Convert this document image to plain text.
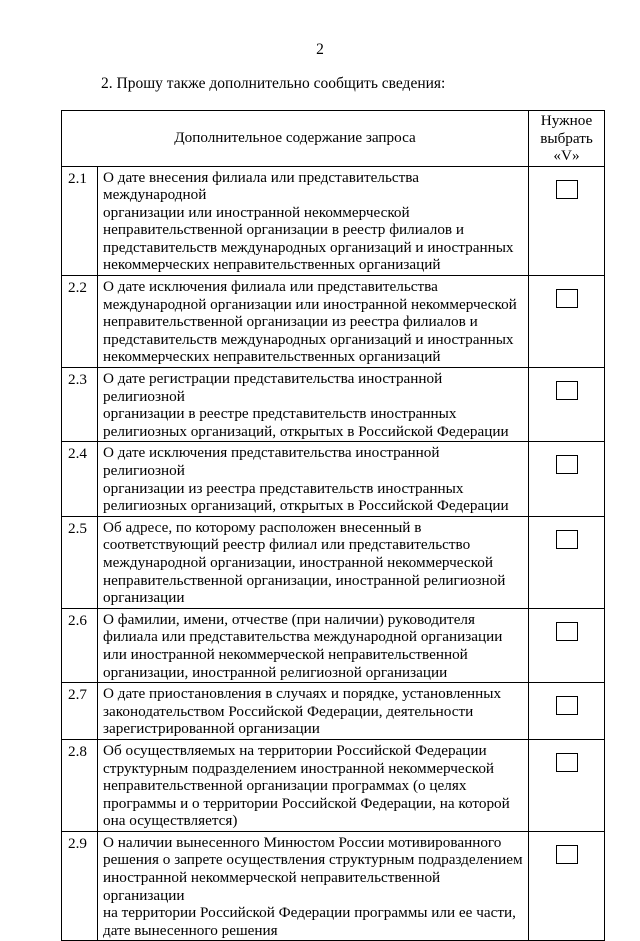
2
2. Прошу также дополнительно сообщить сведения:
Дополнительное содержание запроса		Нужное
выбрать
«V»

2.1	О дате внесения филиала или представительства международной
организации или иностранной некоммерческой
неправительственной организации в реестр филиалов и
представительств международных организаций и иностранных
некоммерческих неправительственных организаций	

2.2	О дате исключения филиала или представительства
международной организации или иностранной некоммерческой
неправительственной организации из реестра филиалов и
представительств международных организаций и иностранных
некоммерческих неправительственных организаций	

2.3	О дате регистрации представительства иностранной религиозной
организации в реестре представительств иностранных
религиозных организаций, открытых в Российской Федерации	

2.4	О дате исключения представительства иностранной религиозной
организации из реестра представительств иностранных
религиозных организаций, открытых в Российской Федерации	

2.5	Об адресе, по которому расположен внесенный в
соответствующий реестр филиал или представительство
международной организации, иностранной некоммерческой
неправительственной организации, иностранной религиозной
организации	

2.6	О фамилии, имени, отчестве (при наличии) руководителя
филиала или представительства международной организации
или иностранной некоммерческой неправительственной
организации, иностранной религиозной организации	

2.7	О дате приостановления в случаях и порядке, установленных
законодательством Российской Федерации, деятельности
зарегистрированной организации	

2.8	Об осуществляемых на территории Российской Федерации
структурным подразделением иностранной некоммерческой
неправительственной организации программах (о целях
программы и о территории Российской Федерации, на которой
она осуществляется)	

2.9	О наличии вынесенного Минюстом России мотивированного
решения о запрете осуществления структурным подразделением
иностранной некоммерческой неправительственной организации
на территории Российской Федерации программы или ее части,
дате вынесенного решения	
